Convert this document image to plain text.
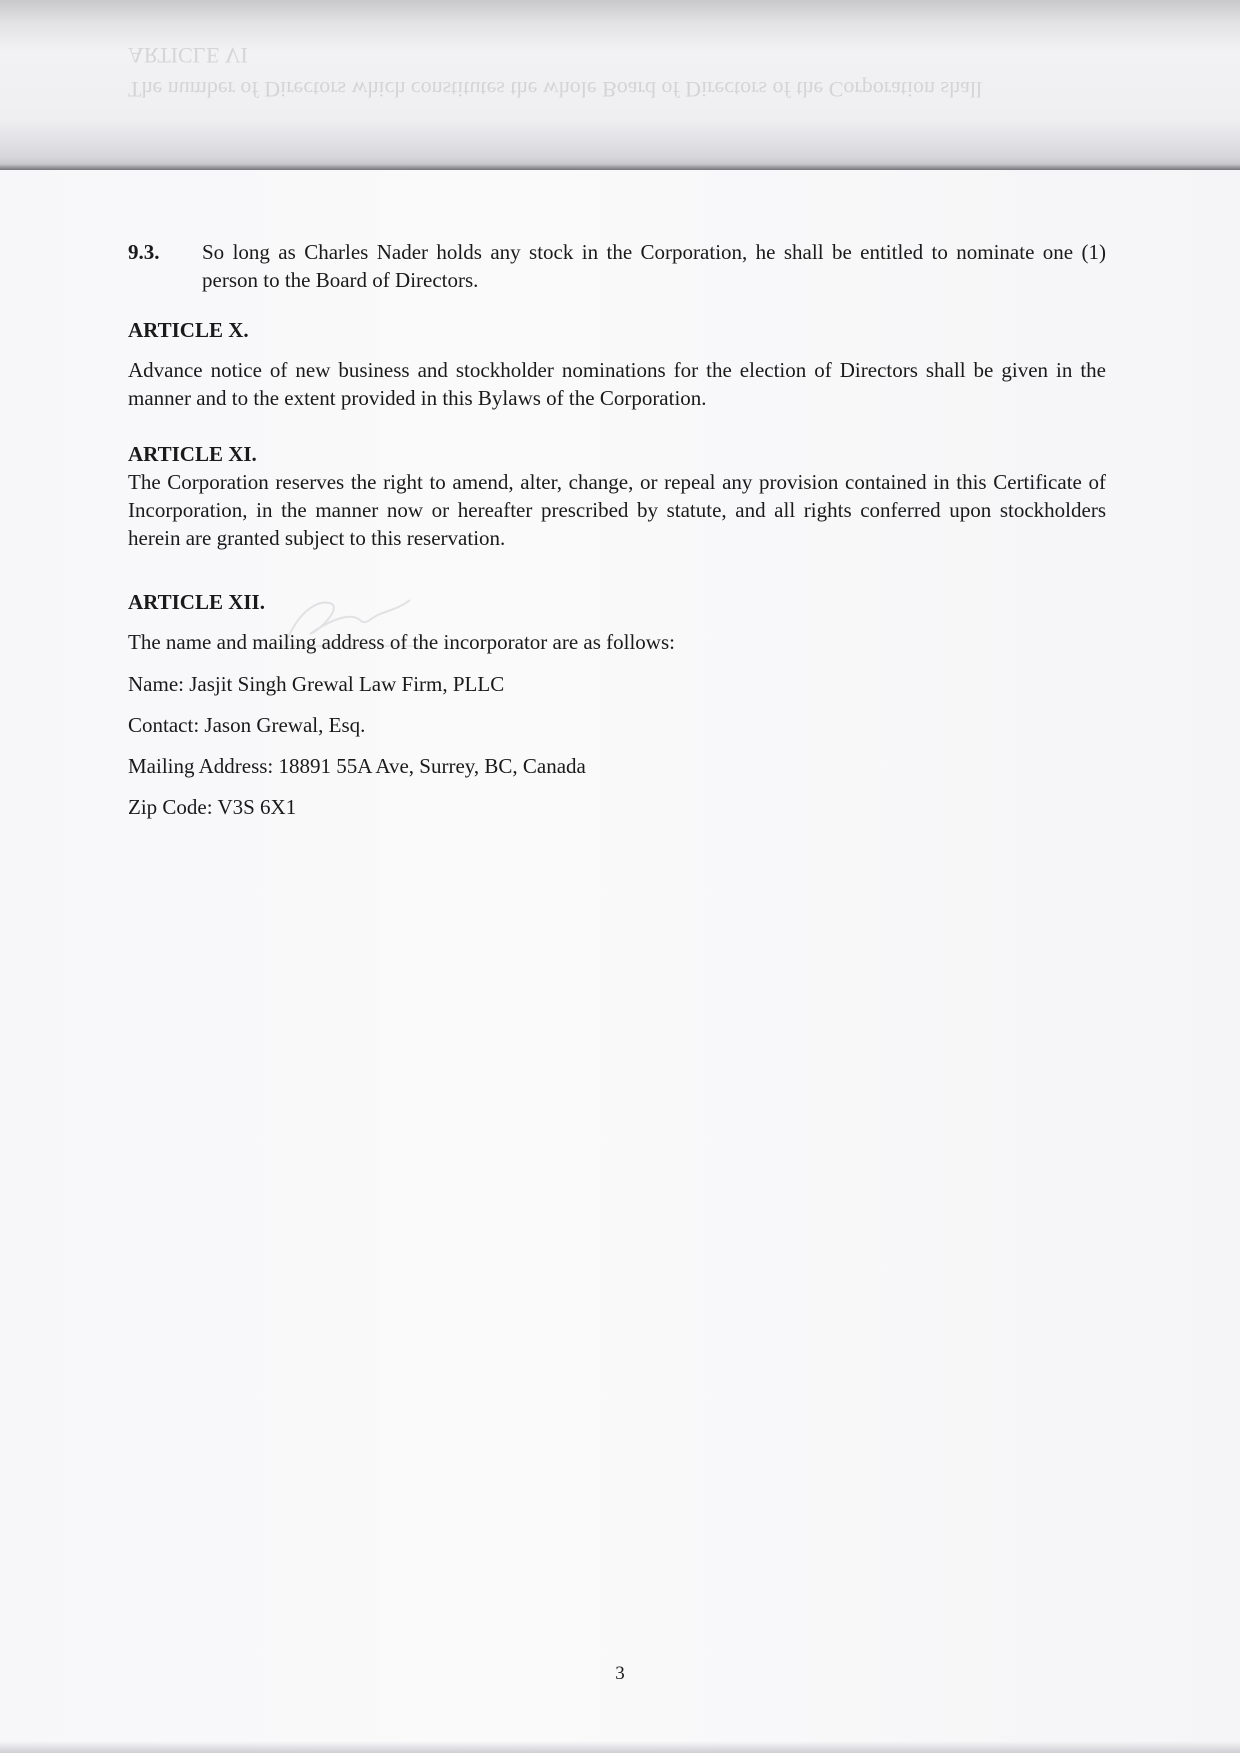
The number of Directors which constitutes the whole Board of Directors of the Corporation shall
ARTICLE VI
9.3.	So long as Charles Nader holds any stock in the Corporation, he shall be entitled to nominate one (1) person to the Board of Directors.
ARTICLE X.

Advance notice of new business and stockholder nominations for the election of Directors shall be given in the manner and to the extent provided in this Bylaws of the Corporation.

ARTICLE XI.

The Corporation reserves the right to amend, alter, change, or repeal any provision contained in this Certificate of Incorporation, in the manner now or hereafter prescribed by statute, and all rights conferred upon stockholders herein are granted subject to this reservation.

ARTICLE XII.

The name and mailing address of the incorporator are as follows:

Name: Jasjit Singh Grewal Law Firm, PLLC

Contact: Jason Grewal, Esq.

Mailing Address: 18891 55A Ave, Surrey, BC, Canada

Zip Code: V3S 6X1

3
